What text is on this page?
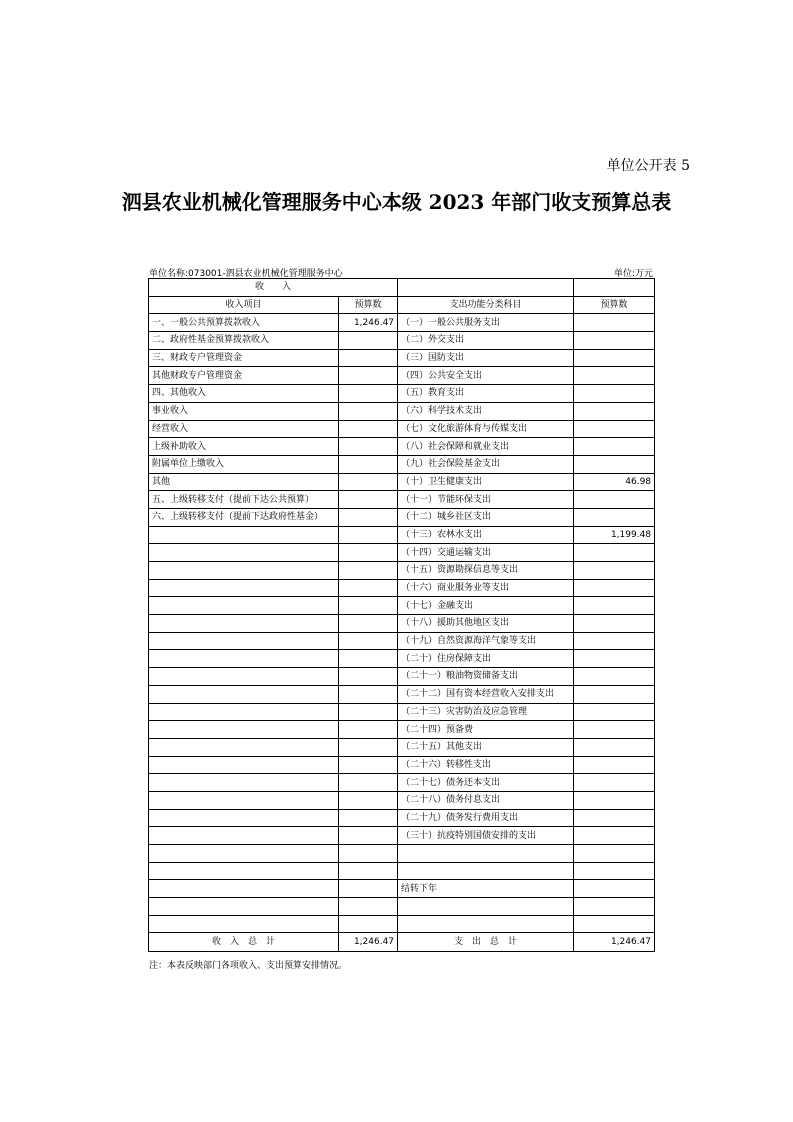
单位公开表 5
泗县农业机械化管理服务中心本级 2023 年部门收支预算总表
单位名称:073001-泗县农业机械化管理服务中心	单位:万元
收　　入			
收入项目	预算数	支出功能分类科目	预算数
一、一般公共预算拨款收入	1,246.47	（一）一般公共服务支出	
二、政府性基金预算拨款收入		（二）外交支出	
三、财政专户管理资金		（三）国防支出	
其他财政专户管理资金		（四）公共安全支出	
四、其他收入		（五）教育支出	
事业收入		（六）科学技术支出	
经营收入		（七）文化旅游体育与传媒支出	
上级补助收入		（八）社会保障和就业支出	
附属单位上缴收入		（九）社会保险基金支出	
其他		（十）卫生健康支出	46.98
五、上级转移支付（提前下达公共预算）		（十一）节能环保支出	
六、上级转移支付（提前下达政府性基金）		（十二）城乡社区支出	
		（十三）农林水支出	1,199.48
		（十四）交通运输支出	
		（十五）资源勘探信息等支出	
		（十六）商业服务业等支出	
		（十七）金融支出	
		（十八）援助其他地区支出	
		（十九）自然资源海洋气象等支出	
		（二十）住房保障支出	
		（二十一）粮油物资储备支出	
		（二十二）国有资本经营收入安排支出	
		（二十三）灾害防治及应急管理	
		（二十四）预备费	
		（二十五）其他支出	
		（二十六）转移性支出	
		（二十七）债务还本支出	
		（二十八）债务付息支出	
		（二十九）债务发行费用支出	
		（三十）抗疫特别国债安排的支出	

		结转下年	

收　入　总　计	1,246.47	支　出　总　计	1,246.47
注：本表反映部门各项收入、支出预算安排情况。
